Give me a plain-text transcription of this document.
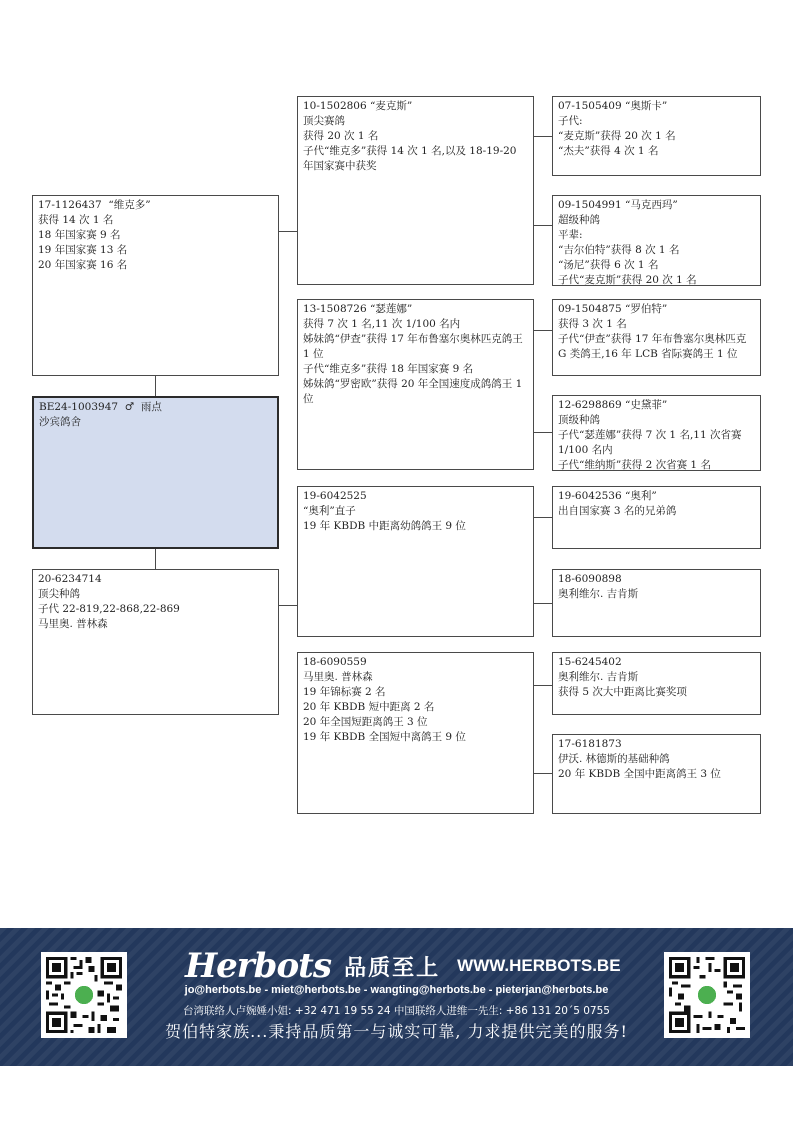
BE24-1003947  ♂  雨点
沙宾鸽舍
17-1126437  “维克多”
获得 14 次 1 名
18 年国家赛 9 名
19 年国家赛 13 名
20 年国家赛 16 名
20-6234714
顶尖种鸽
子代 22-819,22-868,22-869
马里奥. 普林森
10-1502806 “麦克斯”
顶尖赛鸽
获得 20 次 1 名
子代“维克多”获得 14 次 1 名,以及 18-19-20 年国家赛中获奖
13-1508726 “瑟莲娜”
获得 7 次 1 名,11 次 1/100 名内
姊妹鸽“伊查”获得 17 年布鲁塞尔奥林匹克鸽王 1 位
子代“维克多”获得 18 年国家赛 9 名
姊妹鸽“罗密欧”获得 20 年全国速度成鸽鸽王 1 位
19-6042525
“奥利”直子
19 年 KBDB 中距离幼鸽鸽王 9 位
18-6090559
马里奥. 普林森
19 年锦标赛 2 名
20 年 KBDB 短中距离 2 名
20 年全国短距离鸽王 3 位
19 年 KBDB 全国短中离鸽王 9 位
07-1505409 “奥斯卡”
子代:
“麦克斯”获得 20 次 1 名
“杰夫”获得 4 次 1 名
09-1504991 “马克西玛”
超级种鸽
平辈:
“吉尔伯特”获得 8 次 1 名
“汤尼”获得 6 次 1 名
子代“麦克斯”获得 20 次 1 名
09-1504875 “罗伯特”
获得 3 次 1 名
子代“伊查”获得 17 年布鲁塞尔奥林匹克 G 类鸽王,16 年 LCB 省际赛鸽王 1 位
12-6298869 “史黛菲”
顶级种鸽
子代“瑟莲娜”获得 7 次 1 名,11 次省赛 1/100 名内
子代“维纳斯”获得 2 次省赛 1 名
19-6042536 “奥利”
出自国家赛 3 名的兄弟鸽
18-6090898
奥利维尔. 吉肯斯
15-6245402
奥利维尔. 吉肯斯
获得 5 次大中距离比赛奖项
17-6181873
伊沃. 林德斯的基础种鸽
20 年 KBDB 全国中距离鸽王 3 位
Herbots 品质至上 WWW.HERBOTS.BE
jo@herbots.be - miet@herbots.be - wangting@herbots.be - pieterjan@herbots.be
台湾联络人卢婉娷小姐: +32 471 19 55 24 中国联络人进维一先生: +86 131 20´5 0755
贺伯特家族...秉持品质第一与诚实可靠, 力求提供完美的服务!
